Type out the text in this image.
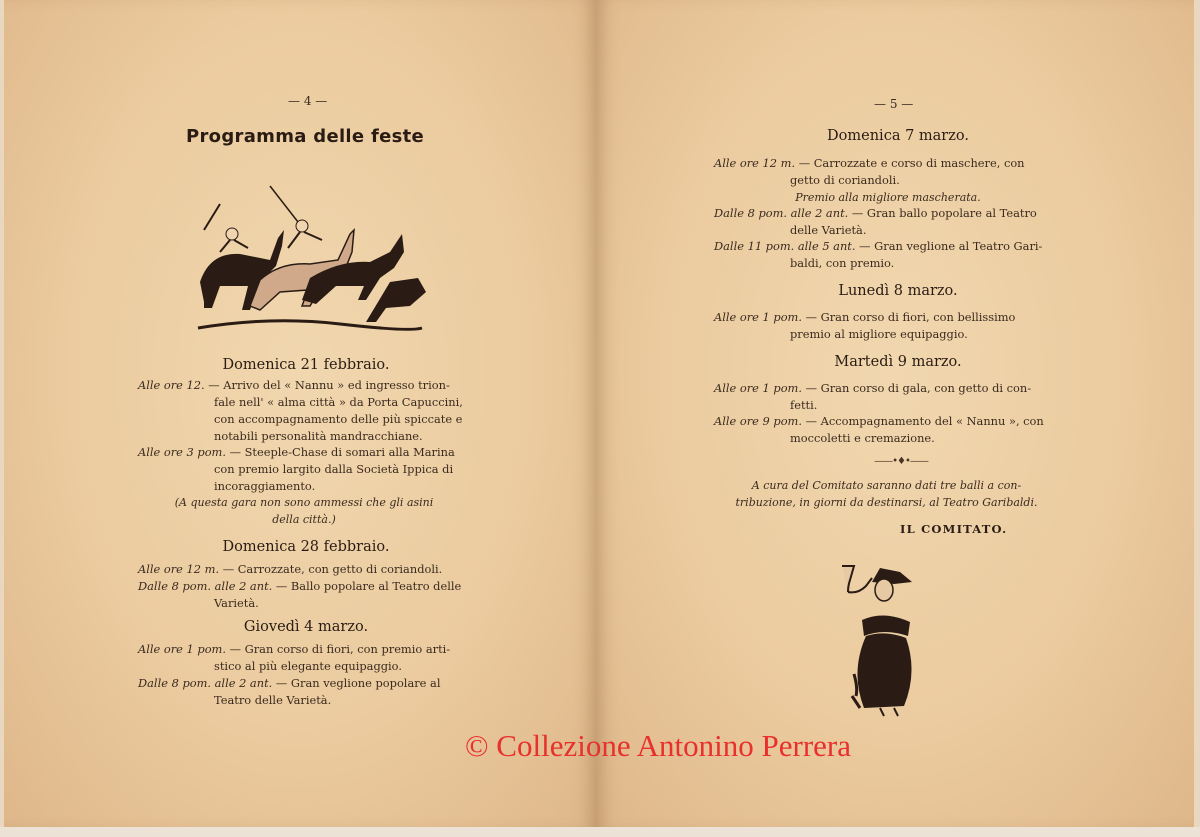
— 4 —
Programma delle feste
Domenica 21 febbraio.
Alle ore 12. — Arrivo del « Nannu » ed ingresso trion-
fale nell' « alma città » da Porta Capuccini,
con accompagnamento delle più spiccate e
notabili personalità mandracchiane.
Alle ore 3 pom. — Steeple-Chase di somari alla Marina
con premio largito dalla Società Ippica di
incoraggiamento.
(A questa gara non sono ammessi che gli asini
della città.)
Domenica 28 febbraio.
Alle ore 12 m. — Carrozzate, con getto di coriandoli.
Dalle 8 pom. alle 2 ant. — Ballo popolare al Teatro delle
Varietà.
Giovedì 4 marzo.
Alle ore 1 pom. — Gran corso di fiori, con premio arti-
stico al più elegante equipaggio.
Dalle 8 pom. alle 2 ant. — Gran veglione popolare al
Teatro delle Varietà.
— 5 —
Domenica 7 marzo.
Alle ore 12 m. — Carrozzate e corso di maschere, con
getto di coriandoli.
Premio alla migliore mascherata.
Dalle 8 pom. alle 2 ant. — Gran ballo popolare al Teatro
delle Varietà.
Dalle 11 pom. alle 5 ant. — Gran veglione al Teatro Gari-
baldi, con premio.
Lunedì 8 marzo.
Alle ore 1 pom. — Gran corso di fiori, con bellissimo
premio al migliore equipaggio.
Martedì 9 marzo.
Alle ore 1 pom. — Gran corso di gala, con getto di con-
fetti.
Alle ore 9 pom. — Accompagnamento del « Nannu », con
moccoletti e cremazione.
——•♦•——
A cura del Comitato saranno dati tre balli a con-
tribuzione, in giorni da destinarsi, al Teatro Garibaldi.
IL COMITATO.
© Collezione Antonino Perrera
